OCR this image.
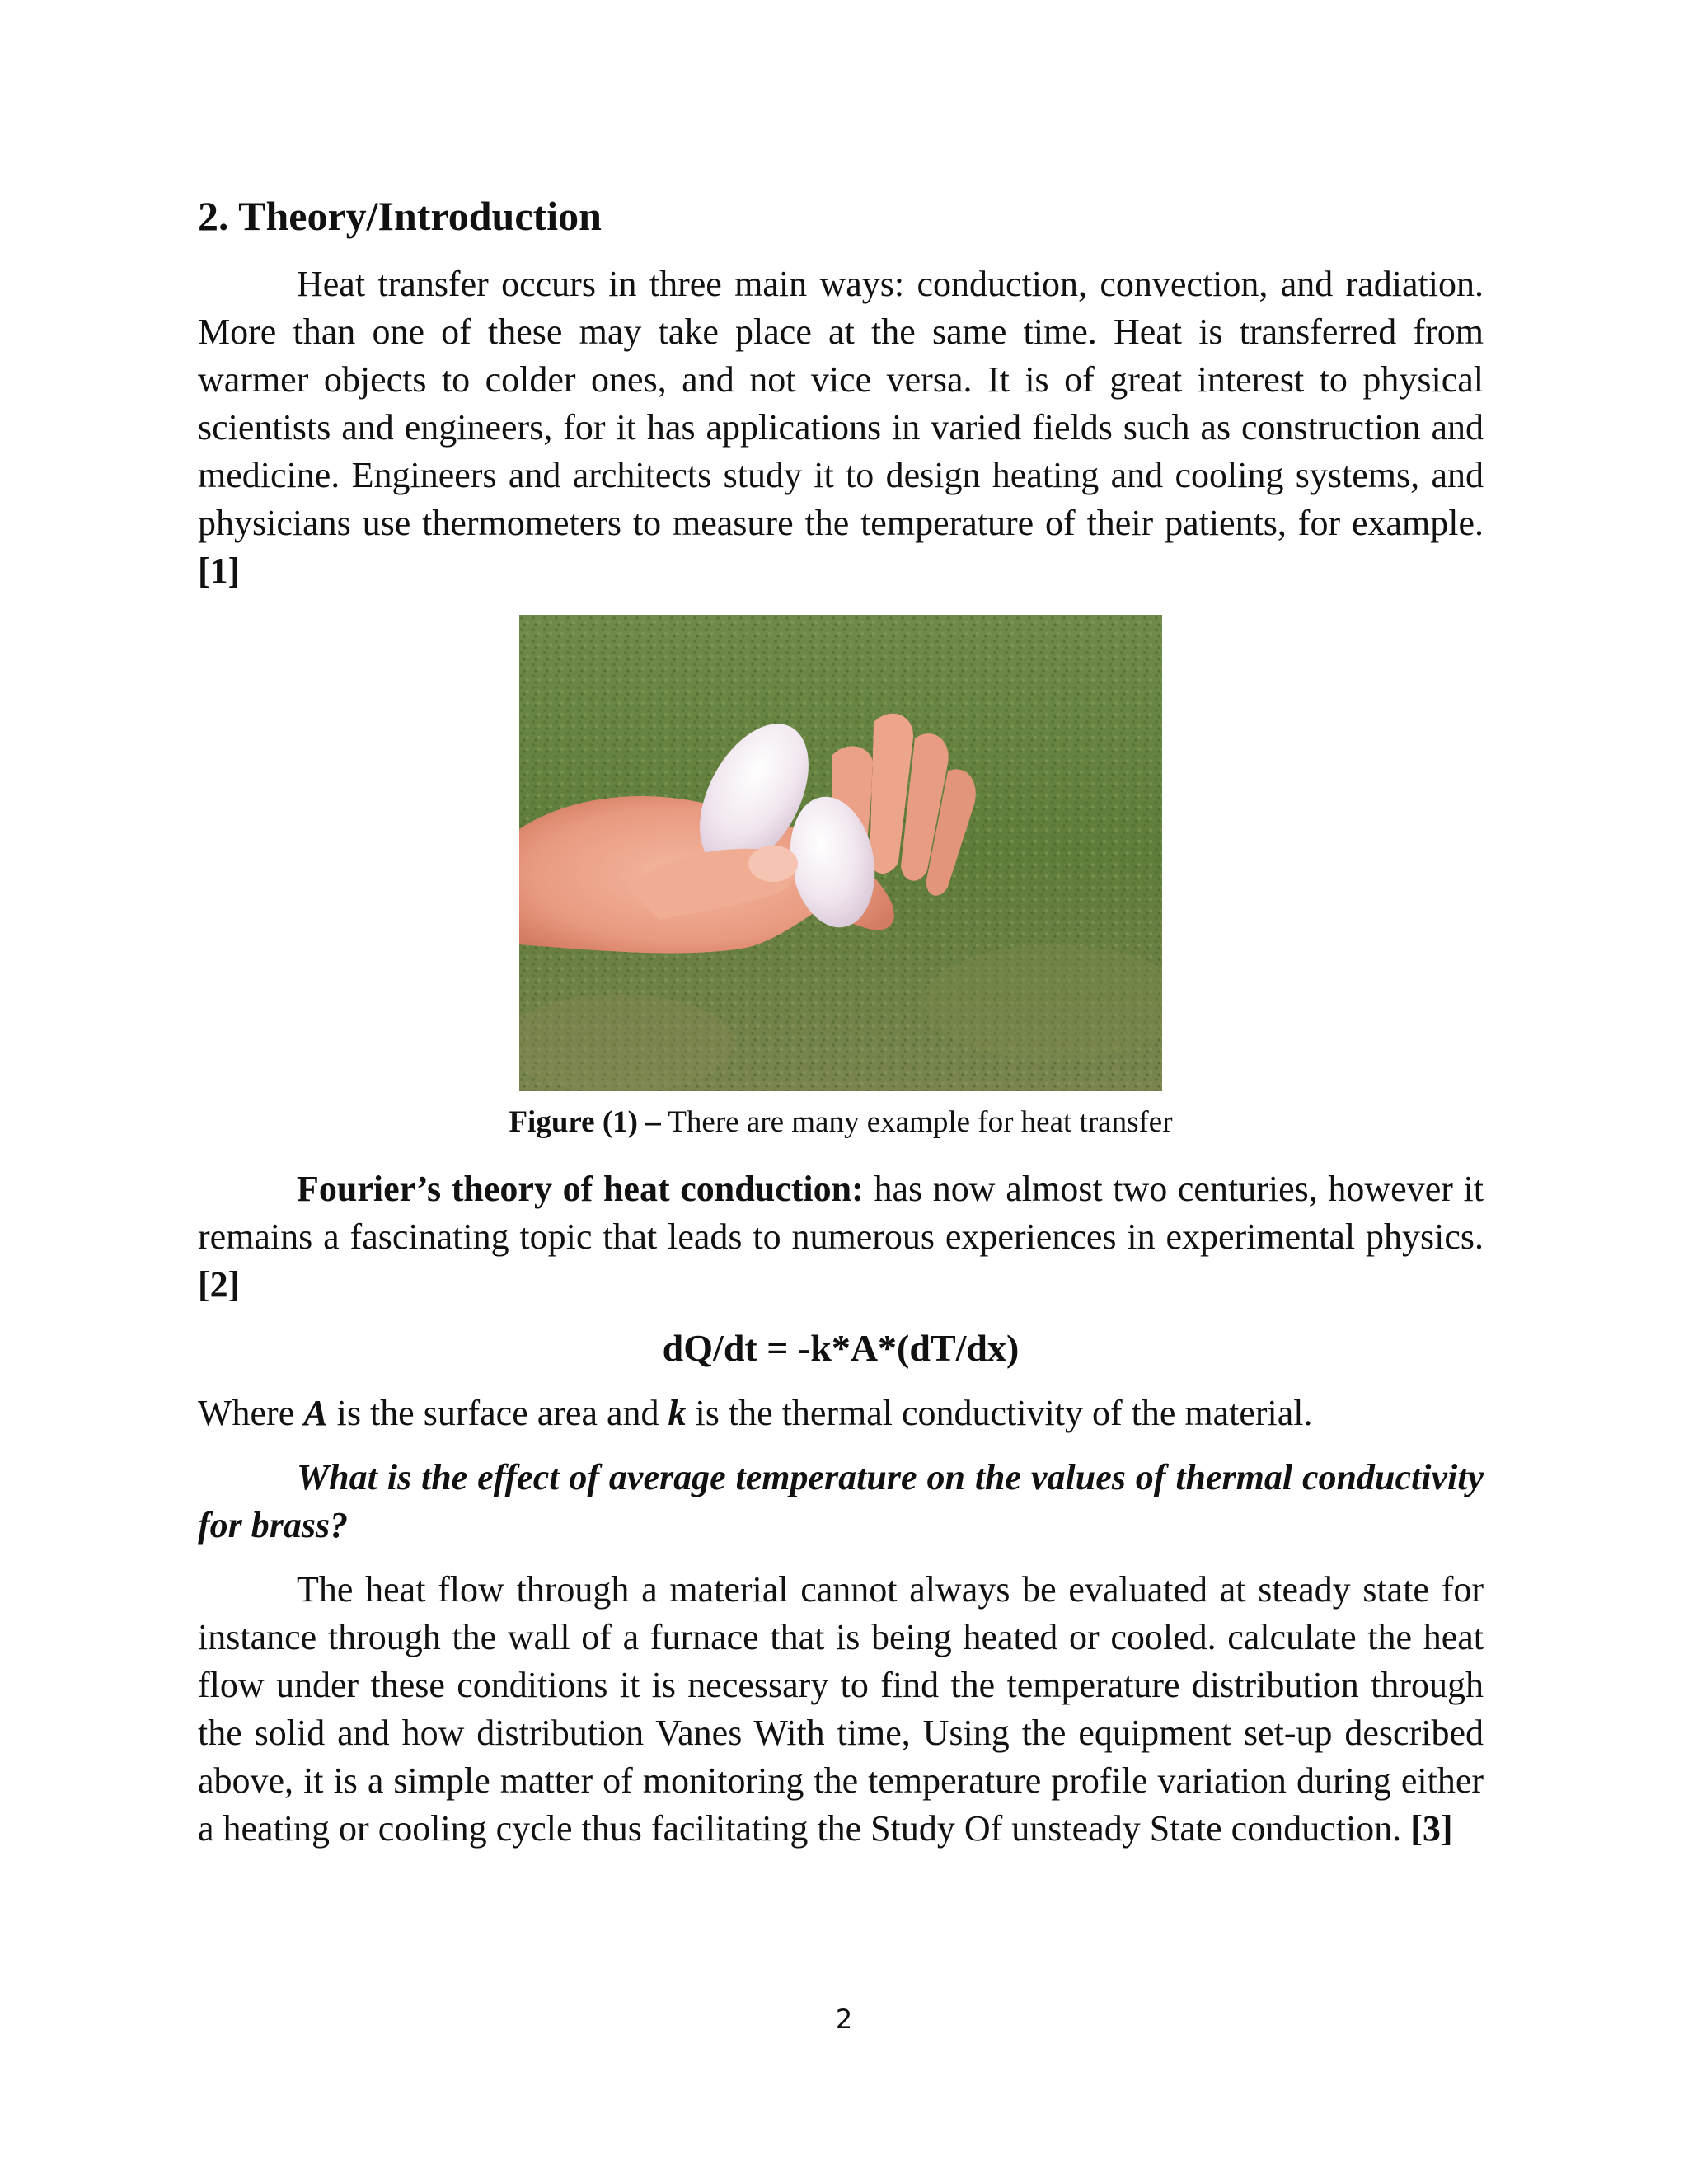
2. Theory/Introduction

Heat transfer occurs in three main ways: conduction, convection, and radiation. More than one of these may take place at the same time. Heat is transferred from warmer objects to colder ones, and not vice versa. It is of great interest to physical scientists and engineers, for it has applications in varied fields such as construction and medicine. Engineers and architects study it to design heating and cooling systems, and physicians use thermometers to measure the temperature of their patients, for example. [1]

Figure (1) – There are many example for heat transfer

Fourier’s theory of heat conduction: has now almost two centuries, however it remains a fascinating topic that leads to numerous experiences in experimental physics. [2]

dQ/dt = -k*A*(dT/dx)

Where A is the surface area and k is the thermal conductivity of the material.

What is the effect of average temperature on the values of thermal conductivity for brass?

The heat flow through a material cannot always be evaluated at steady state for instance through the wall of a furnace that is being heated or cooled. calculate the heat flow under these conditions it is necessary to find the temperature distribution through the solid and how distribution Vanes With time, Using the equipment set-up described above, it is a simple matter of monitoring the temperature profile variation during either a heating or cooling cycle thus facilitating the Study Of unsteady State conduction. [3]

2
